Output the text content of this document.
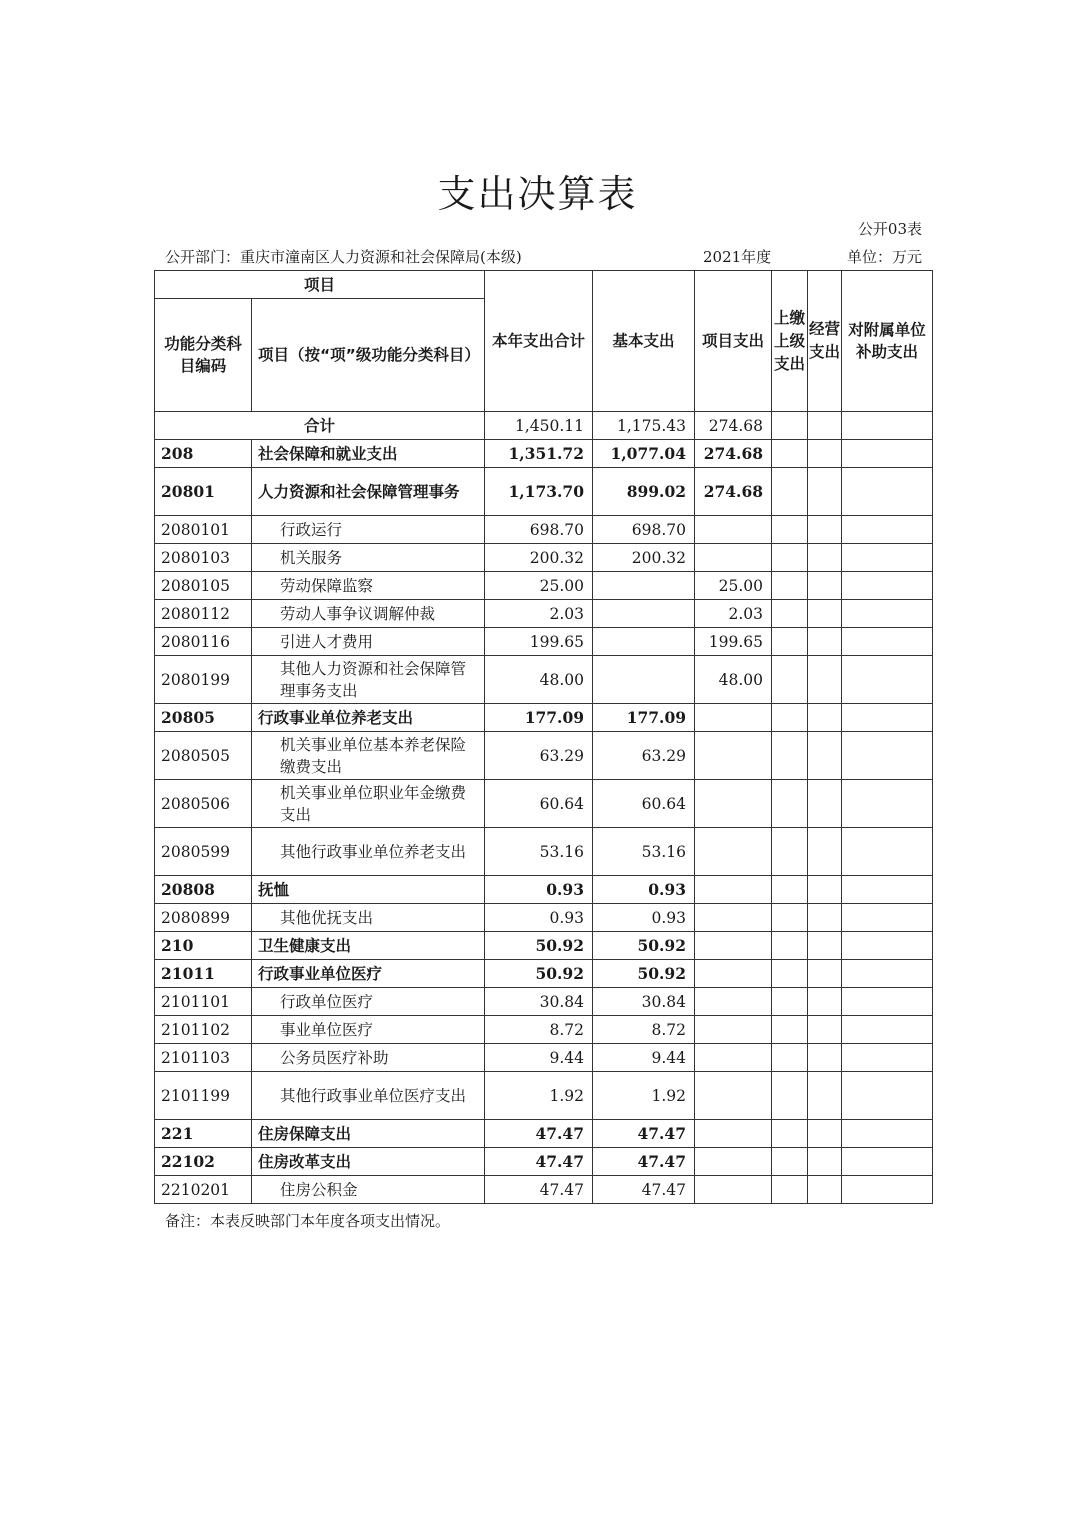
支出决算表
公开03表
公开部门：重庆市潼南区人力资源和社会保障局(本级)	2021年度	单位：万元
项目		本年支出合计	基本支出	项目支出	上缴上级支出	经营支出	对附属单位补助支出
功能分类科目编码	项目（按“项”级功能分类科目）						
合计		1,450.11	1,175.43	274.68			
208	社会保障和就业支出	1,351.72	1,077.04	274.68			
20801	人力资源和社会保障管理事务	1,173.70	899.02	274.68			
2080101	行政运行	698.70	698.70				
2080103	机关服务	200.32	200.32				
2080105	劳动保障监察	25.00		25.00			
2080112	劳动人事争议调解仲裁	2.03		2.03			
2080116	引进人才费用	199.65		199.65			
2080199	其他人力资源和社会保障管理事务支出	48.00		48.00			
20805	行政事业单位养老支出	177.09	177.09				
2080505	机关事业单位基本养老保险缴费支出	63.29	63.29				
2080506	机关事业单位职业年金缴费支出	60.64	60.64				
2080599	其他行政事业单位养老支出	53.16	53.16				
20808	抚恤	0.93	0.93				
2080899	其他优抚支出	0.93	0.93				
210	卫生健康支出	50.92	50.92				
21011	行政事业单位医疗	50.92	50.92				
2101101	行政单位医疗	30.84	30.84				
2101102	事业单位医疗	8.72	8.72				
2101103	公务员医疗补助	9.44	9.44				
2101199	其他行政事业单位医疗支出	1.92	1.92				
221	住房保障支出	47.47	47.47				
22102	住房改革支出	47.47	47.47				
2210201	住房公积金	47.47	47.47				
备注：本表反映部门本年度各项支出情况。
